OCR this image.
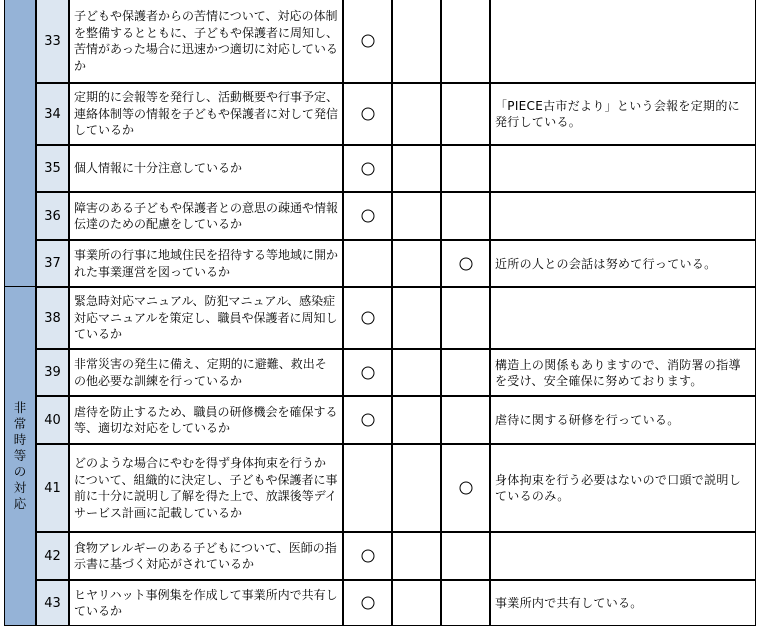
非
常
時
等
の
対
応
33
子どもや保護者からの苦情について、対応の体制を整備するとともに、子どもや保護者に周知し、苦情があった場合に迅速かつ適切に対応しているか
34
定期的に会報等を発行し、活動概要や行事予定、連絡体制等の情報を子どもや保護者に対して発信しているか
「PIECE古市だより」という会報を定期的に発行している。
35	個人情報に十分注意しているか
36
障害のある子どもや保護者との意思の疎通や情報伝達のための配慮をしているか
37
事業所の行事に地域住民を招待する等地域に開かれた事業運営を図っているか
近所の人との会話は努めて行っている。
38
緊急時対応マニュアル、防犯マニュアル、感染症対応マニュアルを策定し、職員や保護者に周知しているか
39
非常災害の発生に備え、定期的に避難、救出その他必要な訓練を行っているか
構造上の関係もありますので、消防署の指導を受け、安全確保に努めております。
40
虐待を防止するため、職員の研修機会を確保する等、適切な対応をしているか
虐待に関する研修を行っている。
41
どのような場合にやむを得ず身体拘束を行うかについて、組織的に決定し、子どもや保護者に事前に十分に説明し了解を得た上で、放課後等デイサービス計画に記載しているか
身体拘束を行う必要はないので口頭で説明しているのみ。
42
食物アレルギーのある子どもについて、医師の指示書に基づく対応がされているか
43
ヒヤリハット事例集を作成して事業所内で共有しているか
事業所内で共有している。
